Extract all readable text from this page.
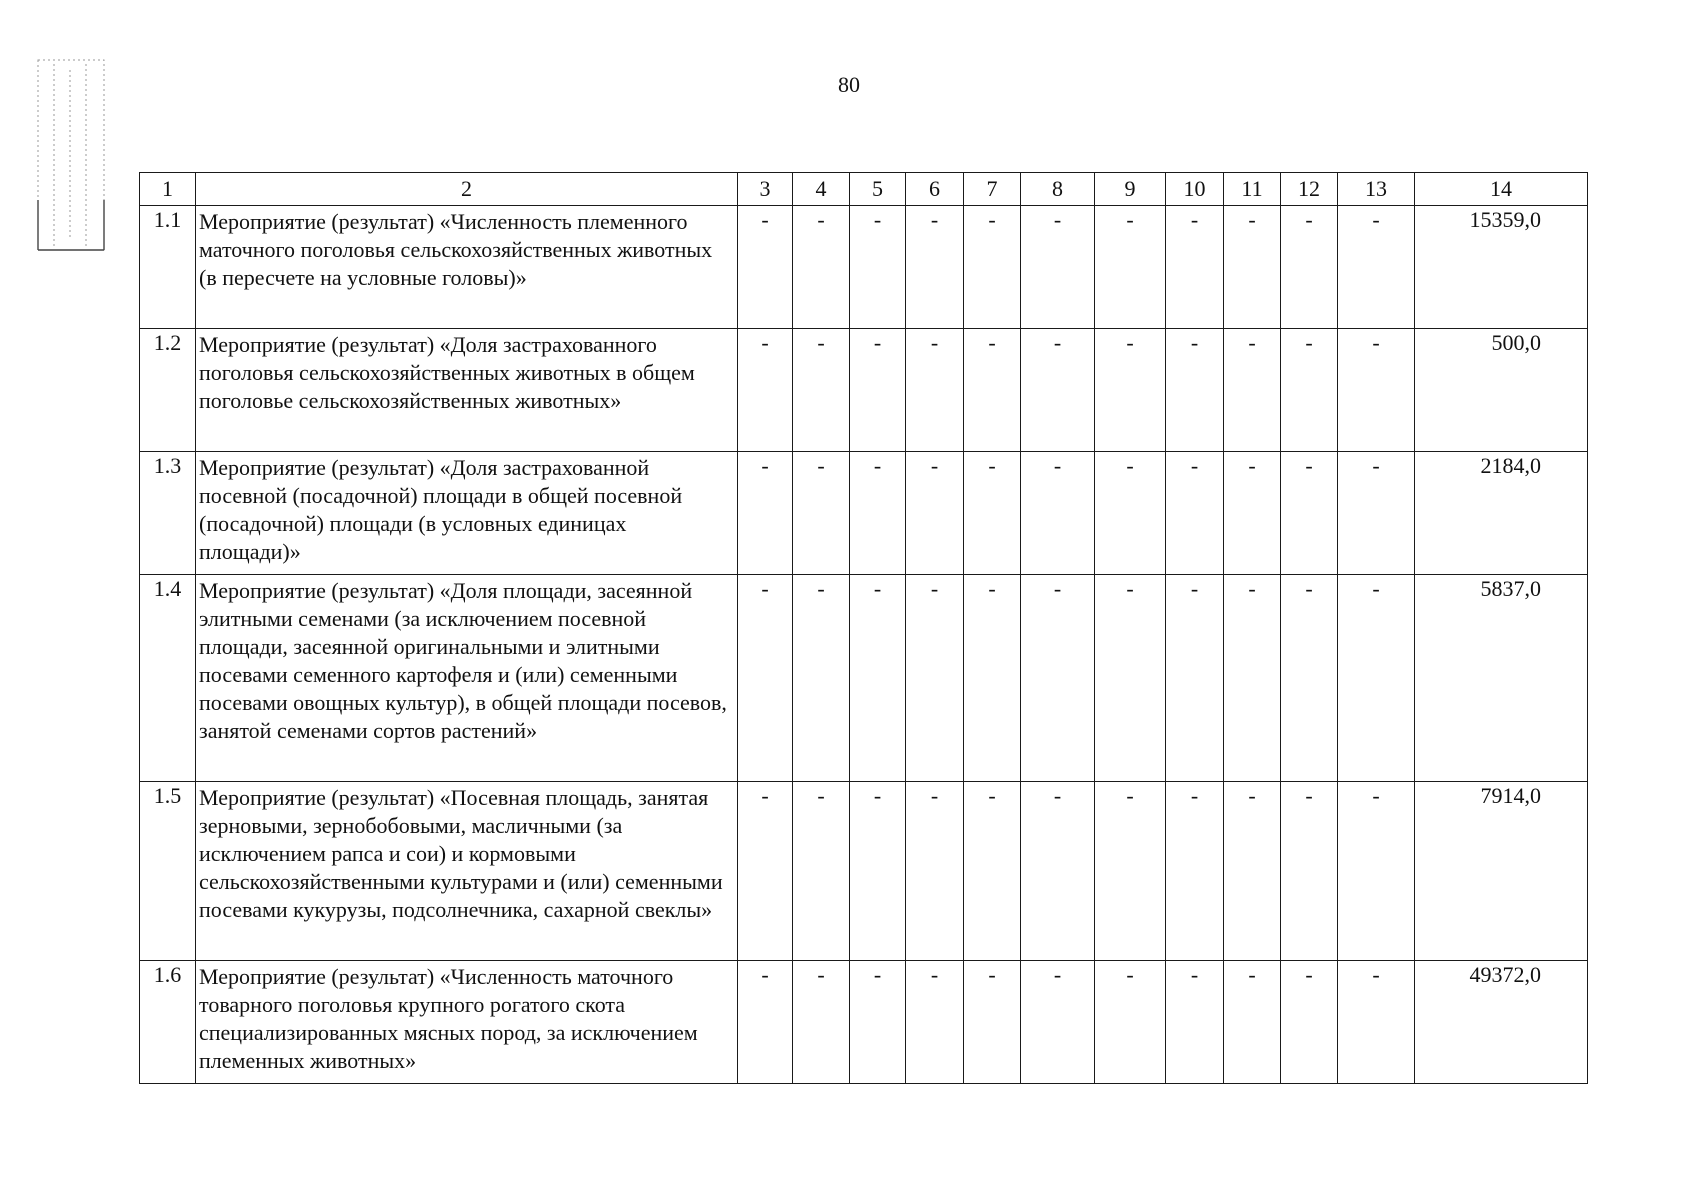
80
1	2	3	4	5	6	7	8	9	10	11	12	13	14
1.1	Мероприятие (результат) «Численность племенного маточного поголовья сельскохозяйственных животных (в пересчете на условные головы)»	-	-	-	-	-	-	-	-	-	-	-	15359,0
1.2	Мероприятие (результат) «Доля застрахованного поголовья сельскохозяйственных животных в общем поголовье сельскохозяйственных животных»	-	-	-	-	-	-	-	-	-	-	-	500,0
1.3	Мероприятие (результат) «Доля застрахованной посевной (посадочной) площади в общей посевной (посадочной) площади (в условных единицах площади)»	-	-	-	-	-	-	-	-	-	-	-	2184,0
1.4	Мероприятие (результат) «Доля площади, засеянной элитными семенами (за исключением посевной площади, засеянной оригинальными и элитными посевами семенного картофеля и (или) семенными посевами овощных культур), в общей площади посевов, занятой семенами сортов растений»	-	-	-	-	-	-	-	-	-	-	-	5837,0
1.5	Мероприятие (результат) «Посевная площадь, занятая зерновыми, зернобобовыми, масличными (за исключением рапса и сои) и кормовыми сельскохозяйственными культурами и (или) семенными посевами кукурузы, подсолнечника, сахарной свеклы»	-	-	-	-	-	-	-	-	-	-	-	7914,0
1.6	Мероприятие (результат) «Численность маточного товарного поголовья крупного рогатого скота специализированных мясных пород, за исключением племенных животных»	-	-	-	-	-	-	-	-	-	-	-	49372,0
